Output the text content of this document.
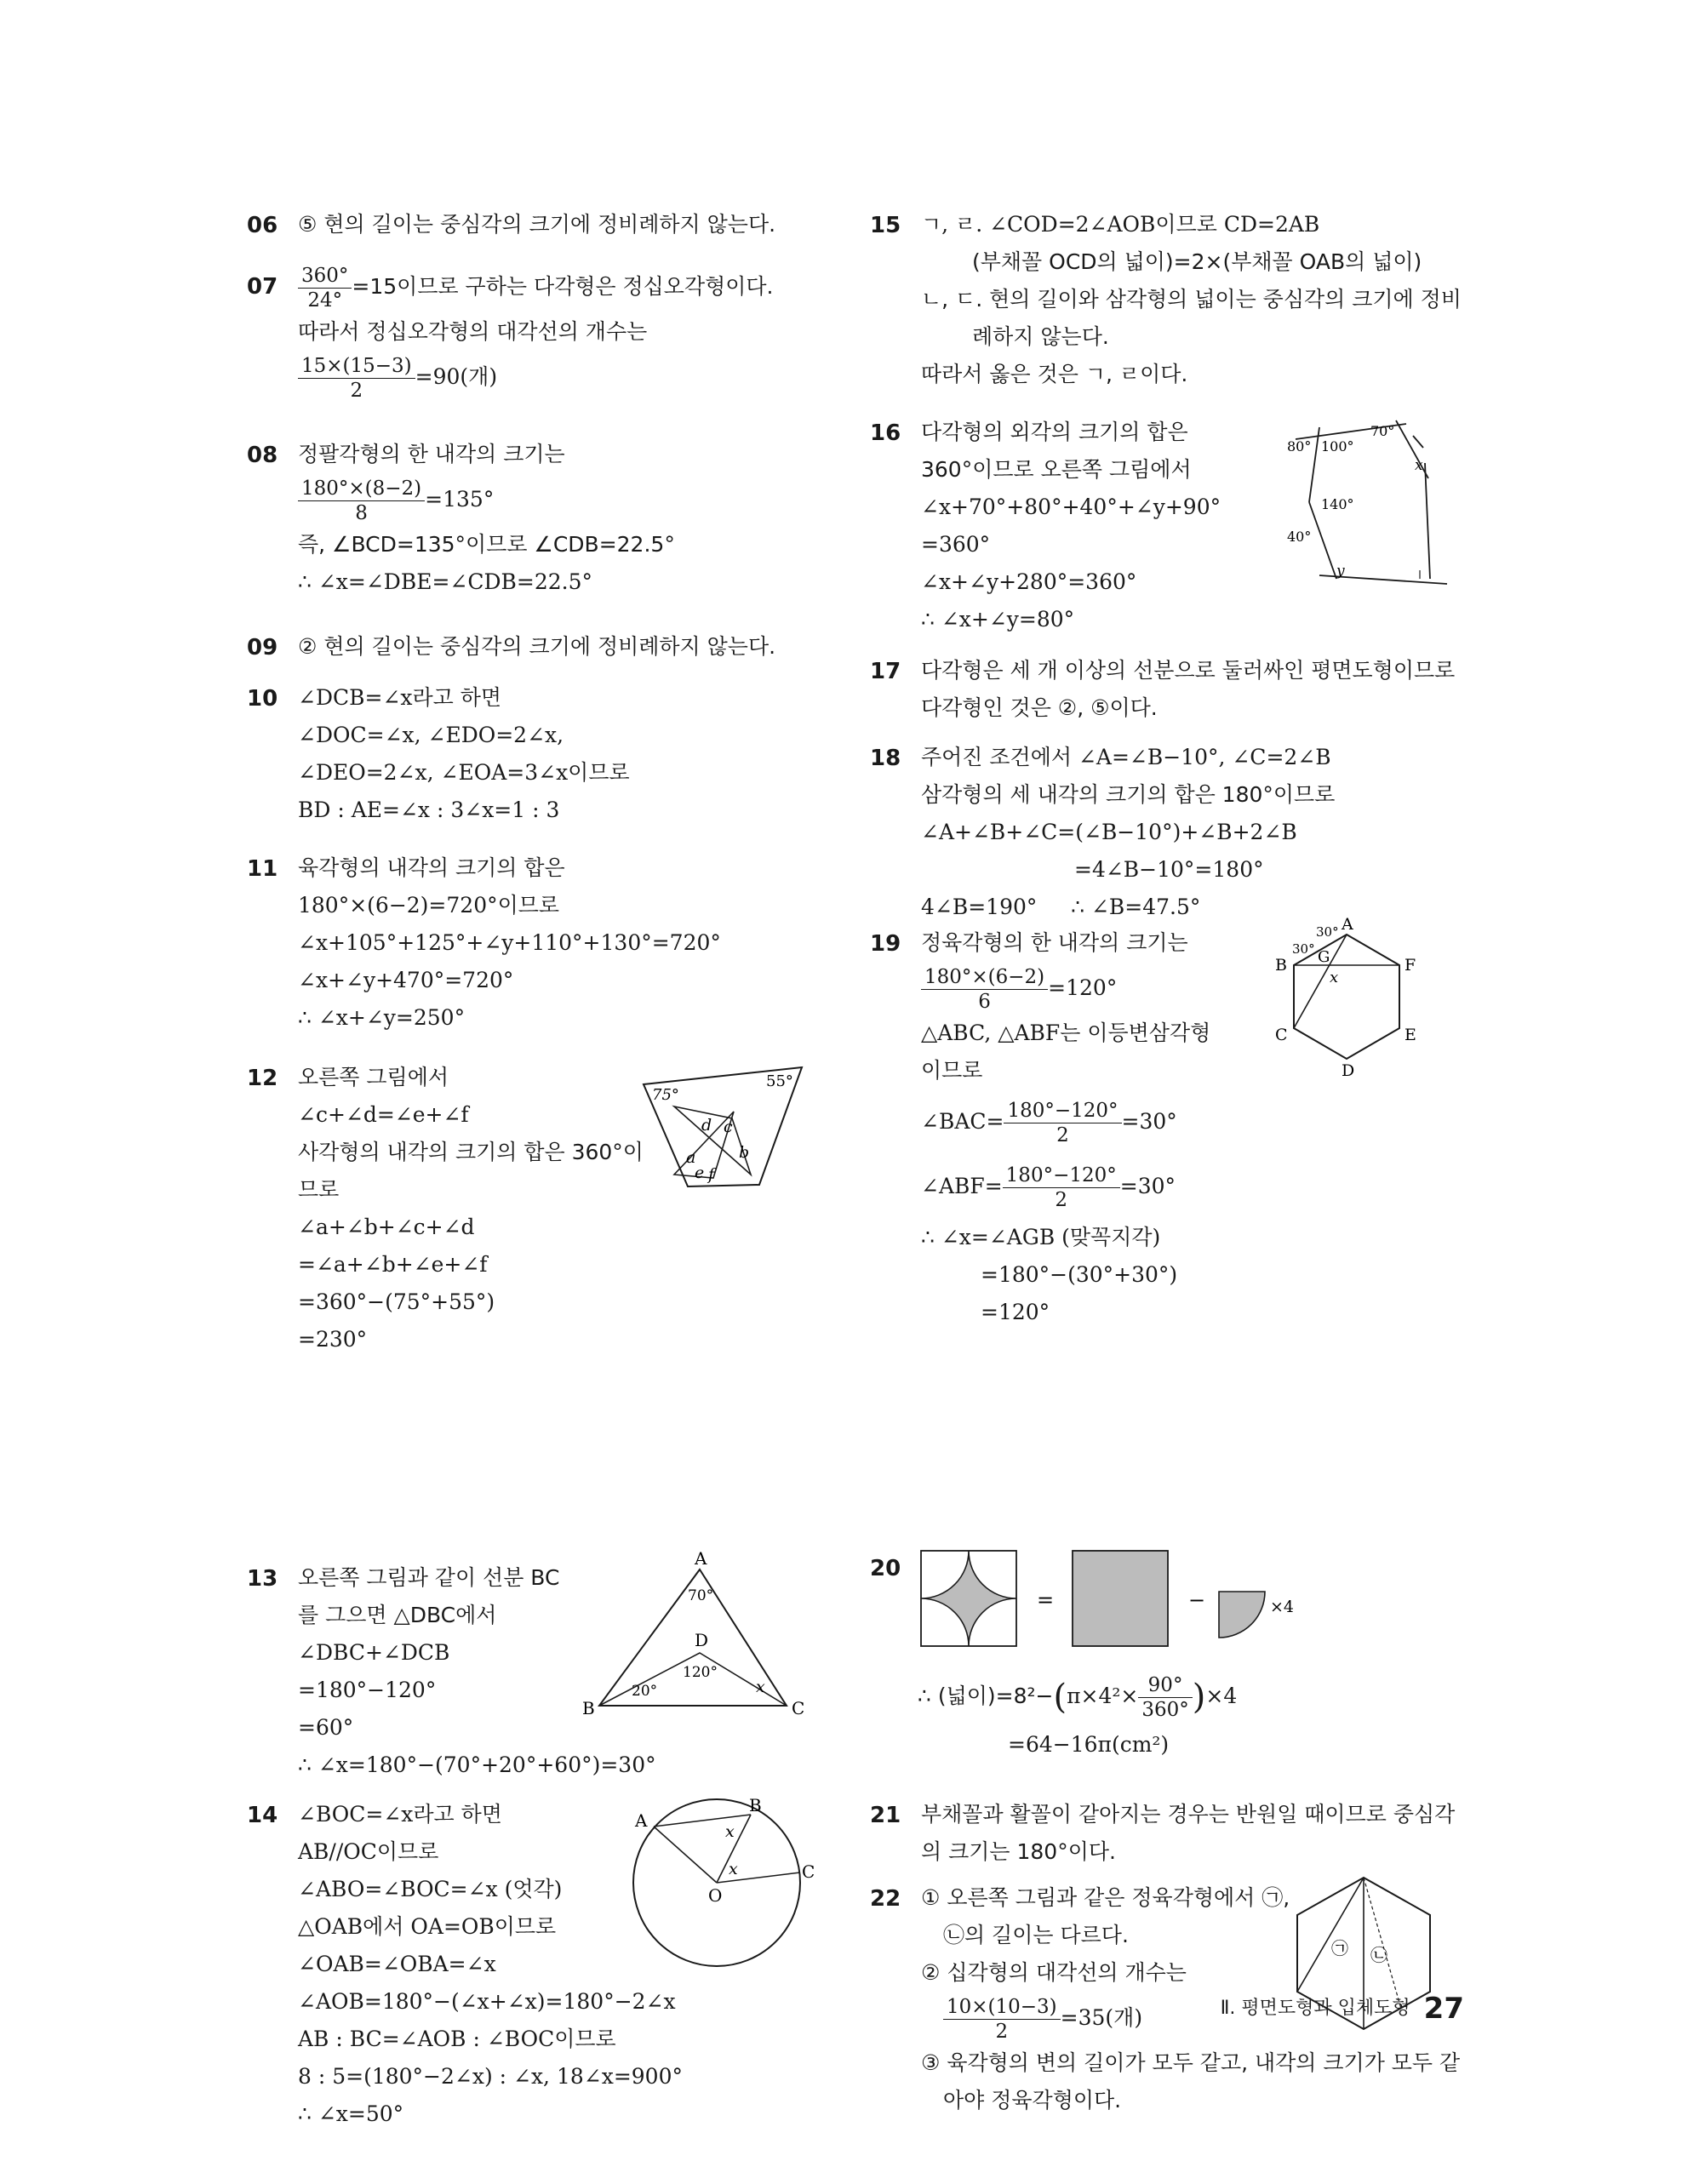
06 ⑤ 현의 길이는 중심각의 크기에 정비례하지 않는다.
$07 \frac{360^\circ}{24^\circ} =15$이므로 구하는 다각형은 정십오각형이다.
따라서 정십오각형의 대각선의 개수는
$\frac{15\times(15-3)}{2} =90$(개)
08 정팔각형의 한 내각의 크기는
$\frac{180^\circ\times(8-2)}{8} =135^\circ$
즉, ∠BCD=135°이므로 ∠CDB=22.5°
∴ ∠x=∠DBE=∠CDB=22.5°
09 ② 현의 길이는 중심각의 크기에 정비례하지 않는다.
10 ∠DCB=∠x라고 하면
∠DOC=∠x, ∠EDO=2∠x,
∠DEO=2∠x, ∠EOA=3∠x이므로
BD : AE=∠x : 3∠x=1 : 3
11 육각형의 내각의 크기의 합은
180°×(6−2)=720°이므로
∠x+105°+125°+∠y+110°+130°=720°
∠x+∠y+470°=720°
∴ ∠x+∠y=250°
12 오른쪽 그림에서
∠c+∠d=∠e+∠f
사각형의 내각의 크기의 합은 360°이
므로
∠a+∠b+∠c+∠d
=∠a+∠b+∠e+∠f
=360°−(75°+55°)
=230°
75°
55°
d c
b
a
e f
13 오른쪽 그림과 같이 선분 BC
를 그으면 △DBC에서
∠DBC+∠DCB
=180°−120°
=60°
∴ ∠x=180°−(70°+20°+60°)=30°
A
B	C
D
70°
120°
20°	x
14 ∠BOC=∠x라고 하면
AB//OC이므로
∠ABO=∠BOC=∠x (엇각)
△OAB에서 OA=OB이므로
∠OAB=∠OBA=∠x
∠AOB=180°−(∠x+∠x)=180°−2∠x
AB : BC=∠AOB : ∠BOC이므로
8 : 5=(180°−2∠x) : ∠x, 18∠x=900°
∴ ∠x=50°
A
B
C
O
x
x
15 ㄱ, ㄹ. ∠COD=2∠AOB이므로 CD=2AB
(부채꼴 OCD의 넓이)=2×(부채꼴 OAB의 넓이)
ㄴ, ㄷ. 현의 길이와 삼각형의 넓이는 중심각의 크기에 정비
례하지 않는다.
따라서 옳은 것은 ㄱ, ㄹ이다.
16 다각형의 외각의 크기의 합은
360°이므로 오른쪽 그림에서
∠x+70°+80°+40°+∠y+90°
=360°
∠x+∠y+280°=360°
∴ ∠x+∠y=80°
70°
80° 100°
140°
40°
x
y
17 다각형은 세 개 이상의 선분으로 둘러싸인 평면도형이므로
다각형인 것은 ②, ⑤이다.
18 주어진 조건에서 ∠A=∠B−10°, ∠C=2∠B
삼각형의 세 내각의 크기의 합은 180°이므로
∠A+∠B+∠C=(∠B−10°)+∠B+2∠B
=4∠B−10°=180°
4∠B=190°     ∴ ∠B=47.5°
19 정육각형의 한 내각의 크기는
$\frac{180^\circ\times(6-2)}{6} =120^\circ$
△ABC, △ABF는 이등변삼각형
이므로
∠BAC= $\frac{180^\circ-120^\circ}{2} =30^\circ$
∠ABF= $\frac{180^\circ-120^\circ}{2} =30^\circ$
∴ ∠x=∠AGB (맞꼭지각)
=180°−(30°+30°)
=120°
A
B
C
D
E
F
G
30°
30°
x
20
=	−	×4
∴ (넓이)$=8^2-(\pi\times 4^2\times \frac{90^\circ}{360^\circ} )\times 4$
=64−16π(cm²)
21 부채꼴과 활꼴이 같아지는 경우는 반원일 때이므로 중심각
의 크기는 180°이다.
22 ① 오른쪽 그림과 같은 정육각형에서 ㉠,
㉡의 길이는 다르다.
② 십각형의 대각선의 개수는
$\frac{10\times(10-3)}{2} =35$(개)
③ 육각형의 변의 길이가 모두 같고, 내각의 크기가 모두 같
아야 정육각형이다.
㉠ ㉡
Ⅱ. 평면도형과 입체도형 27
